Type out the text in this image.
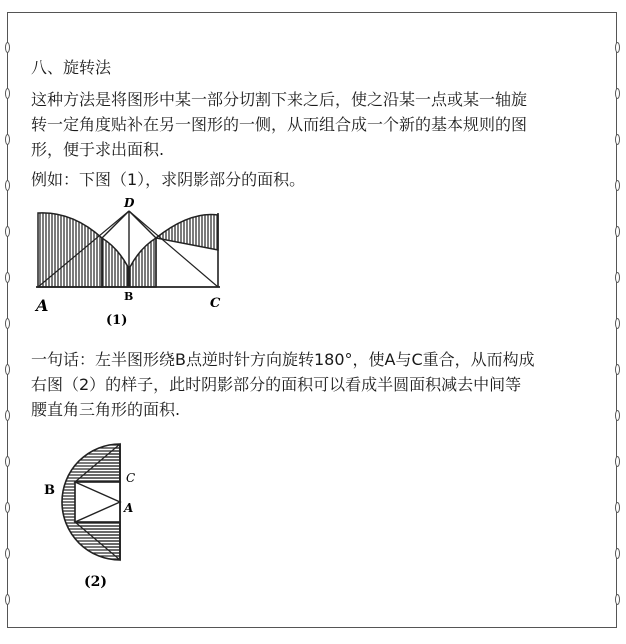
八、旋转法
这种方法是将图形中某一部分切割下来之后，使之沿某一点或某一轴旋
转一定角度贴补在另一图形的一侧，从而组合成一个新的基本规则的图
形，便于求出面积.
例如：下图（1），求阴影部分的面积。
A	B	C
D
(1)
一句话：左半图形绕B点逆时针方向旋转180°，使A与C重合，从而构成
右图（2）的样子，此时阴影部分的面积可以看成半圆面积减去中间等
腰直角三角形的面积.
B
C
A
(2)
